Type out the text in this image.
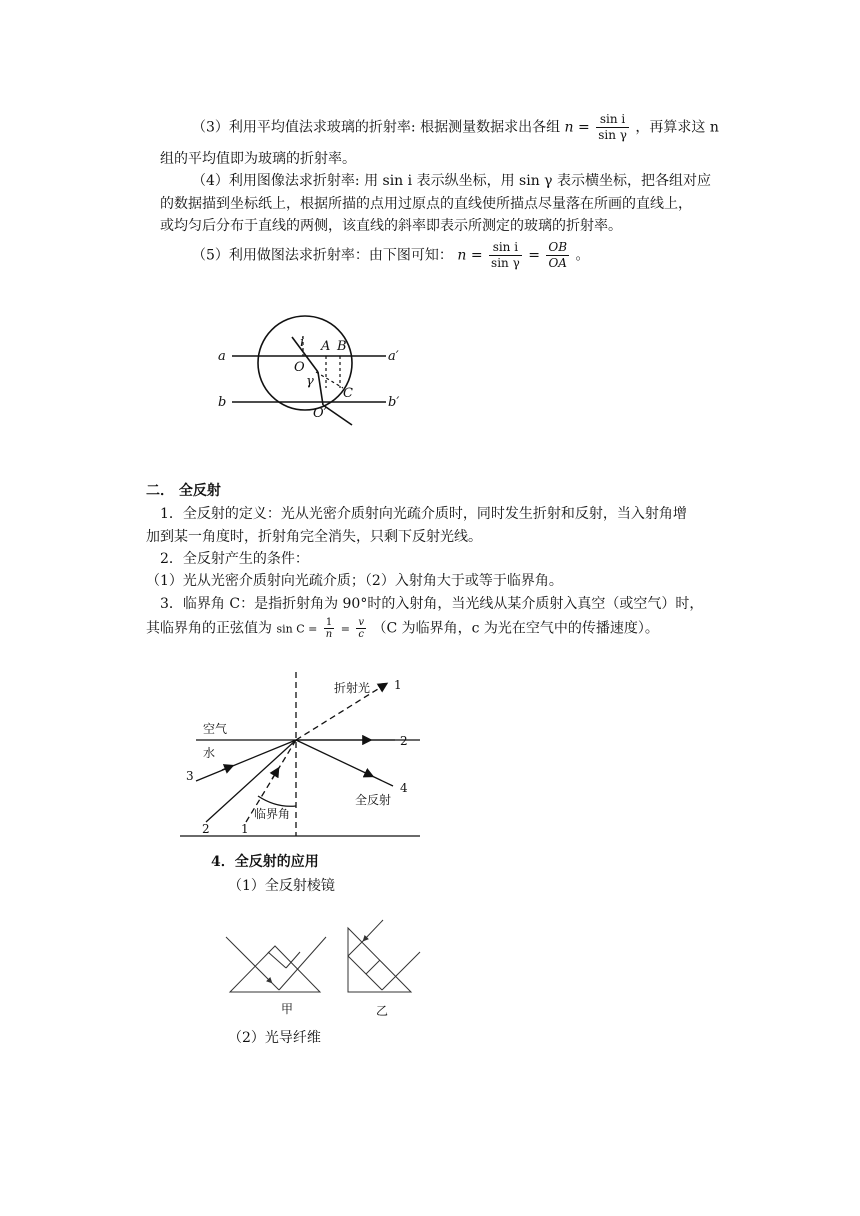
（3）利用平均值法求玻璃的折射率: 根据测量数据求出各组 $n = \frac{\text{sin i}}{\text{sin γ}}$ ，再算求这 n
组的平均值即为玻璃的折射率。
（4）利用图像法求折射率: 用 sin i 表示纵坐标，用 sin γ 表示横坐标，把各组对应
的数据描到坐标纸上，根据所描的点用过原点的直线使所描点尽量落在所画的直线上，
或均匀后分布于直线的两侧，该直线的斜率即表示所测定的玻璃的折射率。
（5）利用做图法求折射率：由下图可知： $n = \frac{\text{sin i}}{\text{sin γ}} = \frac{OB}{OA}$ 。
a	a′
b	b′
i A B
O
γ
C
O′
二． 全反射
1．全反射的定义：光从光密介质射向光疏介质时，同时发生折射和反射，当入射角增
加到某一角度时，折射角完全消失，只剩下反射光线。
2．全反射产生的条件：
（1）光从光密介质射向光疏介质；（2）入射角大于或等于临界角。
3．临界角 C：是指折射角为 90°时的入射角，当光线从某介质射入真空（或空气）时，
其临界角的正弦值为 $\sin C = \frac{1}{n} = \frac{v}{c} (C$ 为临界角，c 为光在空气中的传播速度）。
折射光 1
空气
水
2
3
4
全反射
临界角
2	1
4．全反射的应用
（1）全反射棱镜
甲	乙
（2）光导纤维
